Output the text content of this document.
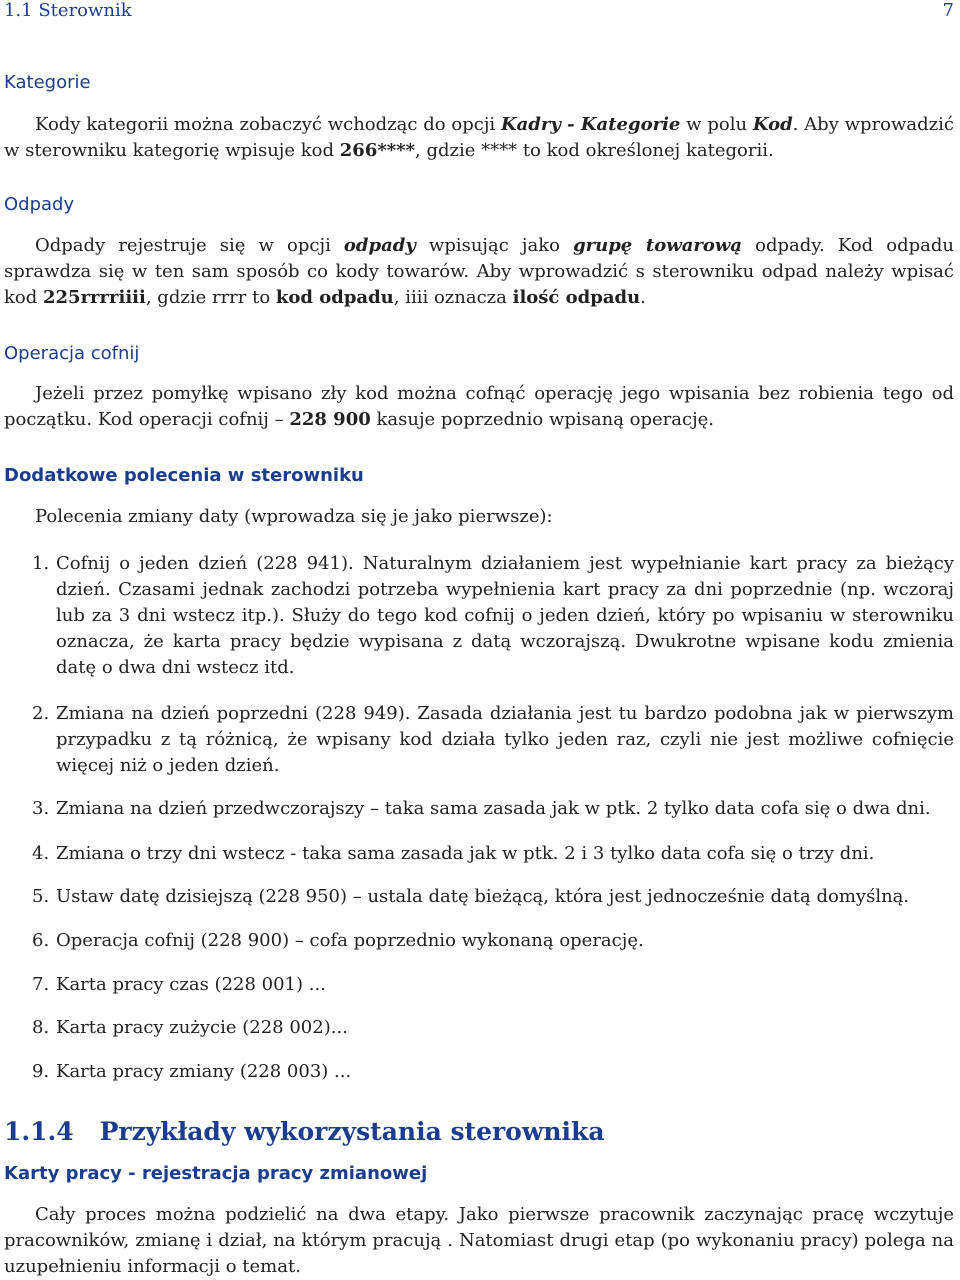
1.1 Sterownik	7
Kategorie

Kody kategorii można zobaczyć wchodząc do opcji Kadry - Kategorie w polu Kod. Aby wprowadzić w sterowniku kategorię wpisuje kod 266****, gdzie **** to kod określonej kategorii.

Odpady

Odpady rejestruje się w opcji odpady wpisując jako grupę towarową odpady. Kod odpadu sprawdza się w ten sam sposób co kody towarów. Aby wprowadzić s sterowniku odpad należy wpisać kod 225rrrriiii, gdzie rrrr to kod odpadu, iiii oznacza ilość odpadu.

Operacja cofnij

Jeżeli przez pomyłkę wpisano zły kod można cofnąć operację jego wpisania bez robienia tego od początku. Kod operacji cofnij – 228 900 kasuje poprzednio wpisaną operację.

Dodatkowe polecenia w sterowniku

Polecenia zmiany daty (wprowadza się je jako pierwsze):

1. Cofnij o jeden dzień (228 941). Naturalnym działaniem jest wypełnianie kart pracy za bieżący dzień. Czasami jednak zachodzi potrzeba wypełnienia kart pracy za dni poprzednie (np. wczoraj lub za 3 dni wstecz itp.). Służy do tego kod cofnij o jeden dzień, który po wpisaniu w sterowniku oznacza, że karta pracy będzie wypisana z datą wczorajszą. Dwukrotne wpisane kodu zmienia datę o dwa dni wstecz itd.

2. Zmiana na dzień poprzedni (228 949). Zasada działania jest tu bardzo podobna jak w pierwszym przypadku z tą różnicą, że wpisany kod działa tylko jeden raz, czyli nie jest możliwe cofnięcie więcej niż o jeden dzień.

3. Zmiana na dzień przedwczorajszy – taka sama zasada jak w ptk. 2 tylko data cofa się o dwa dni.

4. Zmiana o trzy dni wstecz - taka sama zasada jak w ptk. 2 i 3 tylko data cofa się o trzy dni.

5. Ustaw datę dzisiejszą (228 950) – ustala datę bieżącą, która jest jednocześnie datą domyślną.

6. Operacja cofnij (228 900) – cofa poprzednio wykonaną operację.

7. Karta pracy czas (228 001) ...

8. Karta pracy zużycie (228 002)...

9. Karta pracy zmiany (228 003) ...

1.1.4 Przykłady wykorzystania sterownika
Karty pracy - rejestracja pracy zmianowej

Cały proces można podzielić na dwa etapy. Jako pierwsze pracownik zaczynając pracę wczytuje pracowników, zmianę i dział, na którym pracują . Natomiast drugi etap (po wykonaniu pracy) polega na uzupełnieniu informacji o temat.
